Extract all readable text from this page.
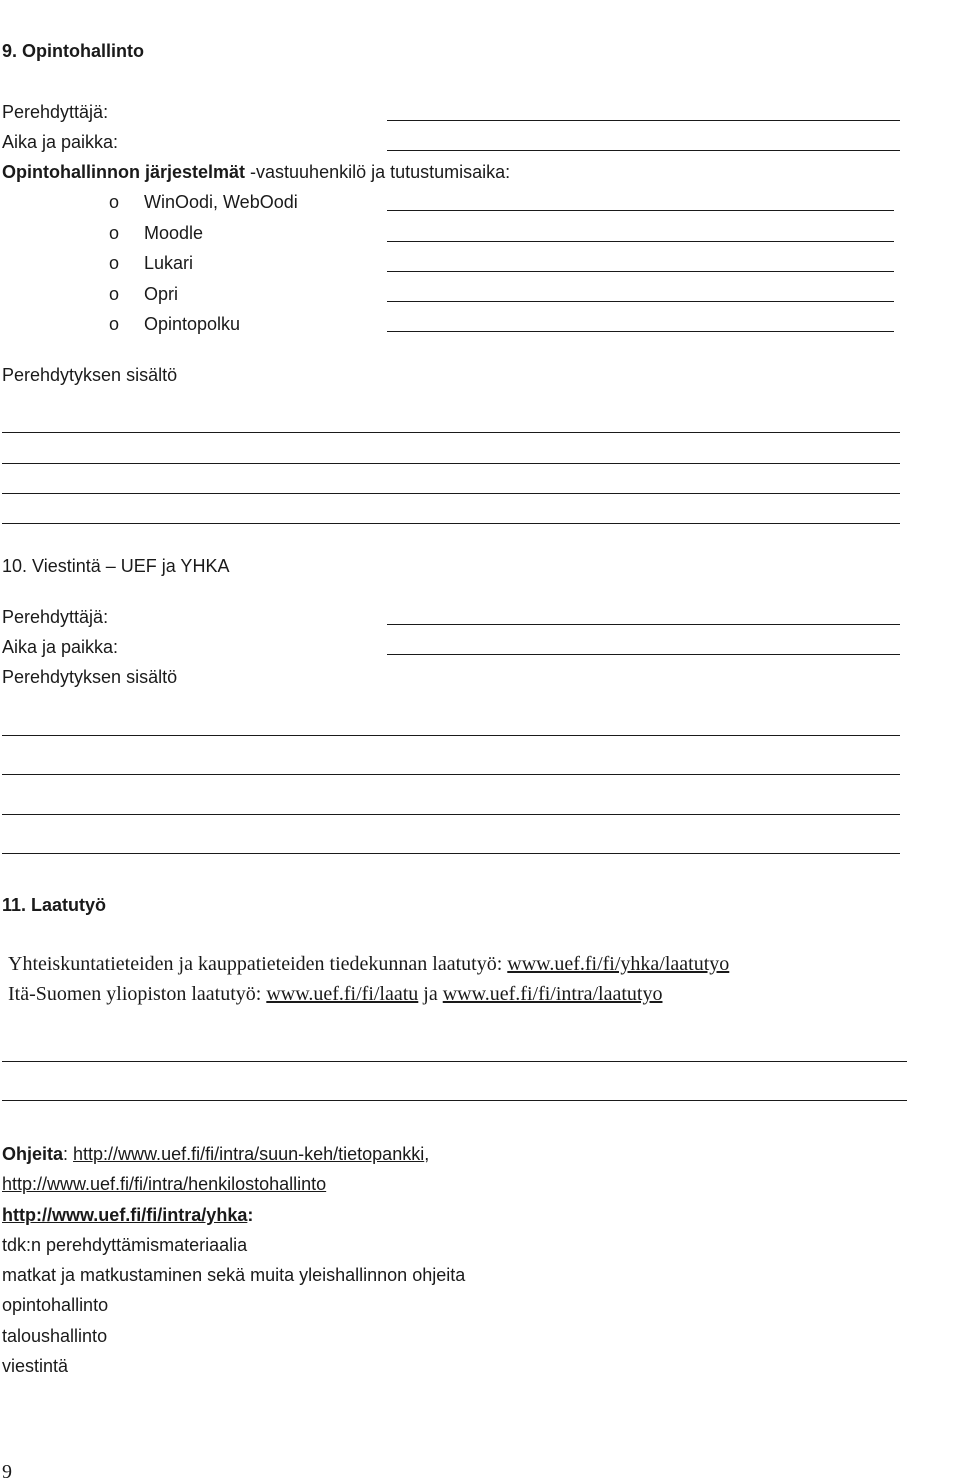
9. Opintohallinto
Perehdyttäjä:
Aika ja paikka:
Opintohallinnon järjestelmät -vastuuhenkilö ja tutustumisaika:
o WinOodi, WebOodi
o Moodle
o Lukari
o Opri
o Opintopolku
Perehdytyksen sisältö
10. Viestintä – UEF ja YHKA
Perehdyttäjä:
Aika ja paikka:
Perehdytyksen sisältö
11. Laatutyö
Yhteiskuntatieteiden ja kauppatieteiden tiedekunnan laatutyö: www.uef.fi/fi/yhka/laatutyo
Itä-Suomen yliopiston laatutyö: www.uef.fi/fi/laatu ja www.uef.fi/fi/intra/laatutyo
Ohjeita: http://www.uef.fi/fi/intra/suun-keh/tietopankki,
http://www.uef.fi/fi/intra/henkilostohallinto
http://www.uef.fi/fi/intra/yhka:
tdk:n perehdyttämismateriaalia
matkat ja matkustaminen sekä muita yleishallinnon ohjeita
opintohallinto
taloushallinto
viestintä
9
